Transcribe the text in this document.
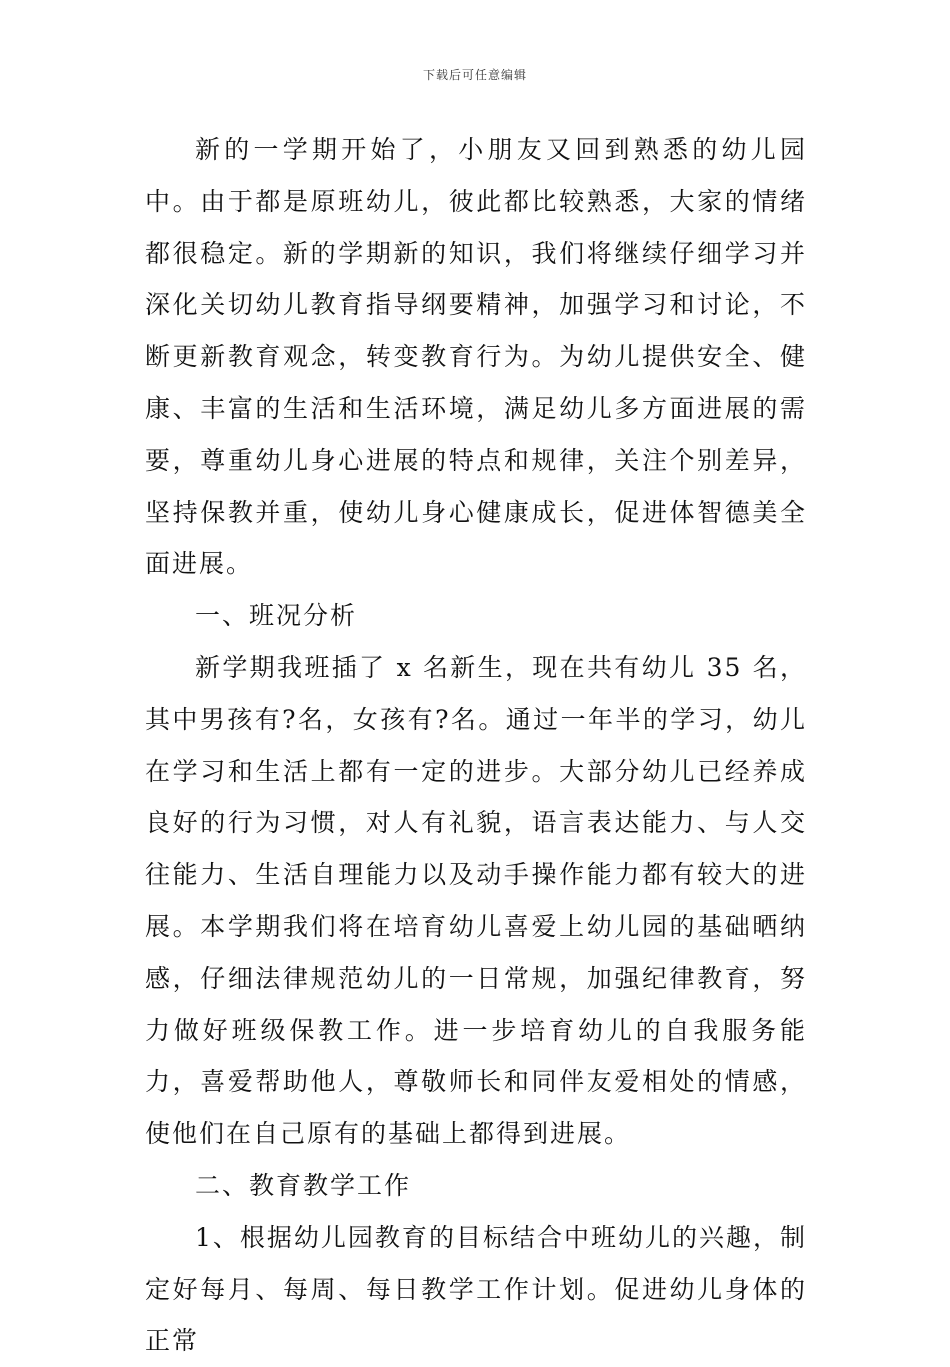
下载后可任意编辑

新的一学期开始了，小朋友又回到熟悉的幼儿园中。由于都是原班幼儿，彼此都比较熟悉，大家的情绪都很稳定。新的学期新的知识，我们将继续仔细学习并深化关切幼儿教育指导纲要精神，加强学习和讨论，不断更新教育观念，转变教育行为。为幼儿提供安全、健康、丰富的生活和生活环境，满足幼儿多方面进展的需要，尊重幼儿身心进展的特点和规律，关注个别差异，坚持保教并重，使幼儿身心健康成长，促进体智德美全面进展。

一、班况分析

新学期我班插了 x 名新生，现在共有幼儿 35 名，其中男孩有?名，女孩有?名。通过一年半的学习，幼儿在学习和生活上都有一定的进步。大部分幼儿已经养成良好的行为习惯，对人有礼貌，语言表达能力、与人交往能力、生活自理能力以及动手操作能力都有较大的进展。本学期我们将在培育幼儿喜爱上幼儿园的基础晒纳感，仔细法律规范幼儿的一日常规，加强纪律教育，努力做好班级保教工作。进一步培育幼儿的自我服务能力，喜爱帮助他人，尊敬师长和同伴友爱相处的情感，使他们在自己原有的基础上都得到进展。

二、教育教学工作

1、根据幼儿园教育的目标结合中班幼儿的兴趣，制定好每月、每周、每日教学工作计划。促进幼儿身体的正常
